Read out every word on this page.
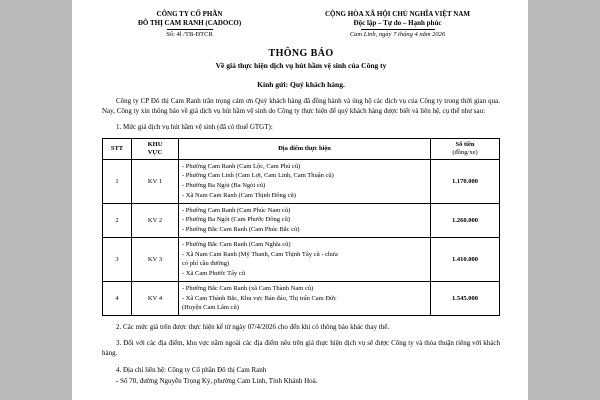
CÔNG TY CỔ PHẦN
ĐÔ THỊ CAM RANH (CADOCO)
Số: 4l /TB-ĐTCR
CỘNG HÒA XÃ HỘI CHỦ NGHĨA VIỆT NAM
Độc lập – Tự do – Hạnh phúc
Cam Linh, ngày 7 tháng 4 năm 2026
THÔNG BÁO
Về giá thực hiện dịch vụ hút hầm vệ sinh của Công ty
Kính gửi: Quý khách hàng.

Công ty CP Đô thị Cam Ranh trân trọng cảm ơn Quý khách hàng đã đồng hành và ủng hộ các dịch vụ của Công ty trong thời gian qua. Nay, Công ty xin thông báo về giá dịch vụ hút hầm vệ sinh do Công ty thực hiện để quý khách hàng được biết và liên hệ, cụ thể như sau:

1. Mức giá dịch vụ hút hầm vệ sinh (đã có thuế GTGT):
STT	KHU
VỰC	Địa điểm thực hiện	Số tiền
(đồng/xe)
1	KV 1	- Phường Cam Ranh (Cam Lộc, Cam Phú cũ)
- Phường Cam Linh (Cam Lợi, Cam Linh, Cam Thuận cũ)
- Phường Ba Ngòi (Ba Ngòi cũ)
- Xã Nam Cam Ranh (Cam Thịnh Đông cũ)	1.170.000
2	KV 2	- Phường Cam Ranh (Cam Phúc Nam cũ)
- Phường Ba Ngòi (Cam Phước Đông cũ)
- Phường Bắc Cam Ranh (Cam Phúc Bắc cũ)	1.260.000
3	KV 3	- Phường Bắc Cam Ranh (Cam Nghĩa cũ)
- Xã Nam Cam Ranh (Mỹ Thanh, Cam Thịnh Tây cũ - chưa
có phí cầu đường)
- Xã Cam Phước Tây cũ	1.410.000
4	KV 4	- Phường Bắc Cam Ranh (xã Cam Thành Nam cũ)
- Xã Cam Thành Bắc, Khu vực Bán đảo, Thị trấn Cam Đức
(Huyện Cam Lâm cũ)	1.545.000
2. Các mức giá trên được thực hiện kể từ ngày 07/4/2026 cho đến khi có thông báo khác thay thế.
3. Đối với các địa điểm, khu vực nằm ngoài các địa điểm nêu trên giá thực hiện dịch vụ sẽ được Công ty và thỏa thuận riêng với khách hàng.
4. Địa chỉ liên hệ: Công ty Cổ phần Đô thị Cam Ranh
- Số 70, đường Nguyễn Trọng Kỷ, phường Cam Linh, Tỉnh Khánh Hoà.
